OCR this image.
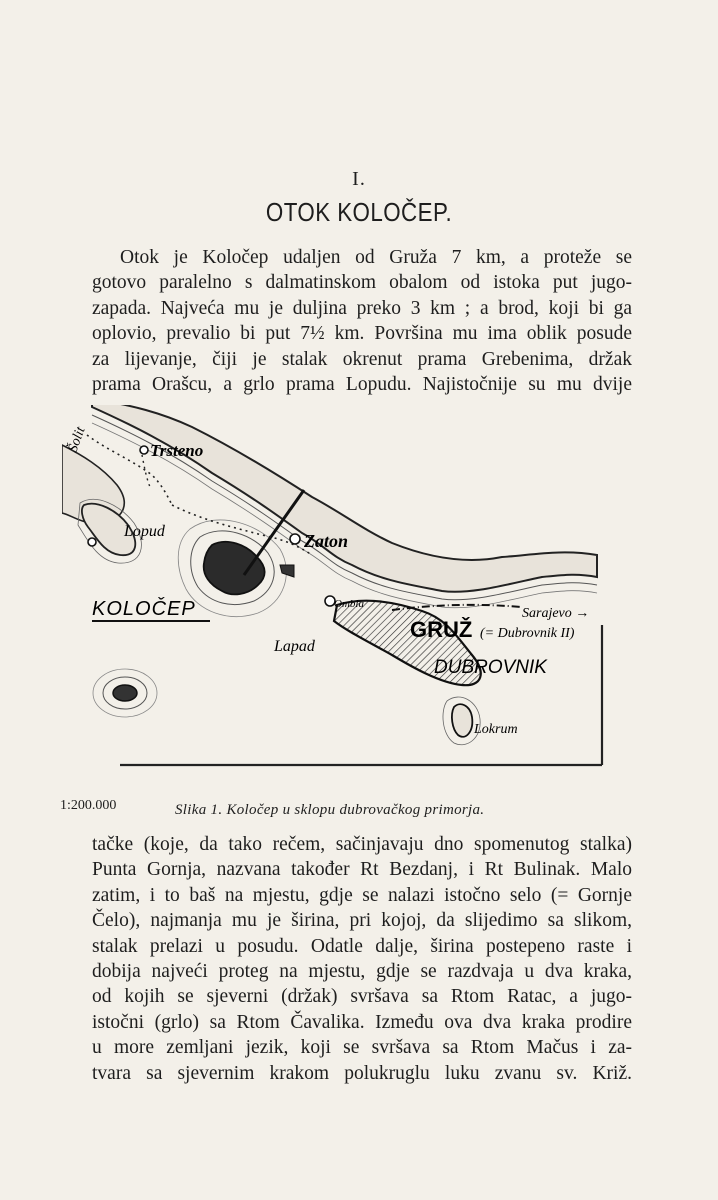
I.
OTOK KOLOČEP.
Otok je Koločep udaljen od Gruža 7 km, a proteže se
gotovo paralelno s dalmatinskom obalom od istoka put jugo-
zapada. Najveća mu je duljina preko 3 km ; a brod, koji bi ga
oplovio, prevalio bi put 7½ km. Površina mu ima oblik posude
za lijevanje, čiji je stalak okrenut prama Grebenima, držak
prama Orašcu, a grlo prama Lopudu. Najistočnije su mu dvije
Šolit	Trsteno
Lopud	Zaton
KOLOČEP	Ombla
Sarajevo →
GRUŽ (= Dubrovnik II)
Lapad
DUBROVNIK
Lokrum
1:200.000	Slika 1. Koločep u sklopu dubrovačkog primorja.
tačke (koje, da tako rečem, sačinjavaju dno spomenutog stalka)
Punta Gornja, nazvana također Rt Bezdanj, i Rt Bulinak. Malo
zatim, i to baš na mjestu, gdje se nalazi istočno selo (= Gornje
Čelo), najmanja mu je širina, pri kojoj, da slijedimo sa slikom,
stalak prelazi u posudu. Odatle dalje, širina postepeno raste i
dobija najveći proteg na mjestu, gdje se razdvaja u dva kraka,
od kojih se sjeverni (držak) svršava sa Rtom Ratac, a jugo-
istočni (grlo) sa Rtom Čavalika. Između ova dva kraka prodire
u more zemljani jezik, koji se svršava sa Rtom Mačus i za-
tvara sa sjevernim krakom polukruglu luku zvanu sv. Križ.
